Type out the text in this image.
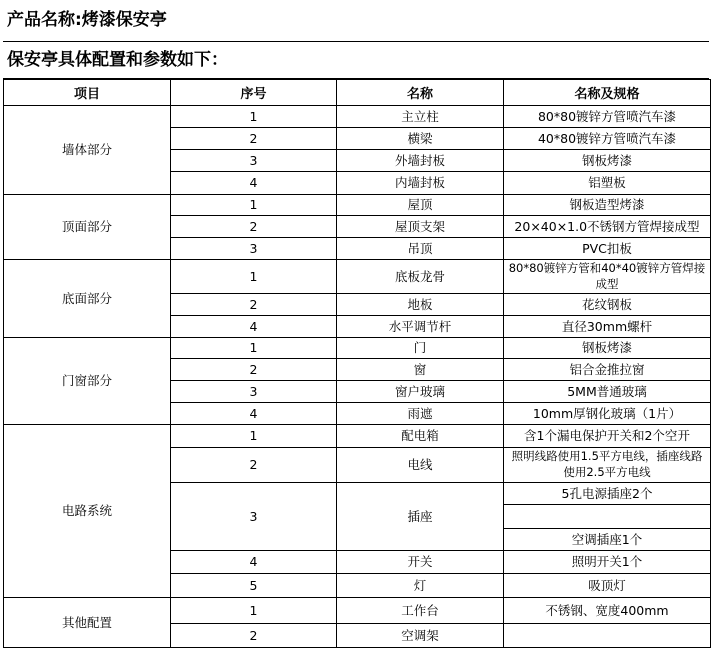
产品名称:烤漆保安亭
保安亭具体配置和参数如下：
项目	序号	名称	名称及规格
墙体部分	1	主立柱	80*80镀锌方管喷汽车漆
	2	横梁	40*80镀锌方管喷汽车漆
	3	外墙封板	钢板烤漆
	4	内墙封板	铝塑板
顶面部分	1	屋顶	钢板造型烤漆
	2	屋顶支架	20×40×1.0不锈钢方管焊接成型
	3	吊顶	PVC扣板
底面部分	1	底板龙骨	80*80镀锌方管和40*40镀锌方管焊接成型
	2	地板	花纹钢板
	4	水平调节杆	直径30mm螺杆
门窗部分	1	门	钢板烤漆
	2	窗	铝合金推拉窗
	3	窗户玻璃	5MM普通玻璃
	4	雨遮	10mm厚钢化玻璃（1片）
电路系统	1	配电箱	含1个漏电保护开关和2个空开
	2	电线	照明线路使用1.5平方电线，插座线路使用2.5平方电线
	3	插座	5孔电源插座2个

			空调插座1个
	4	开关	照明开关1个
	5	灯	吸顶灯
其他配置	1	工作台	不锈钢、宽度400mm
	2	空调架	
